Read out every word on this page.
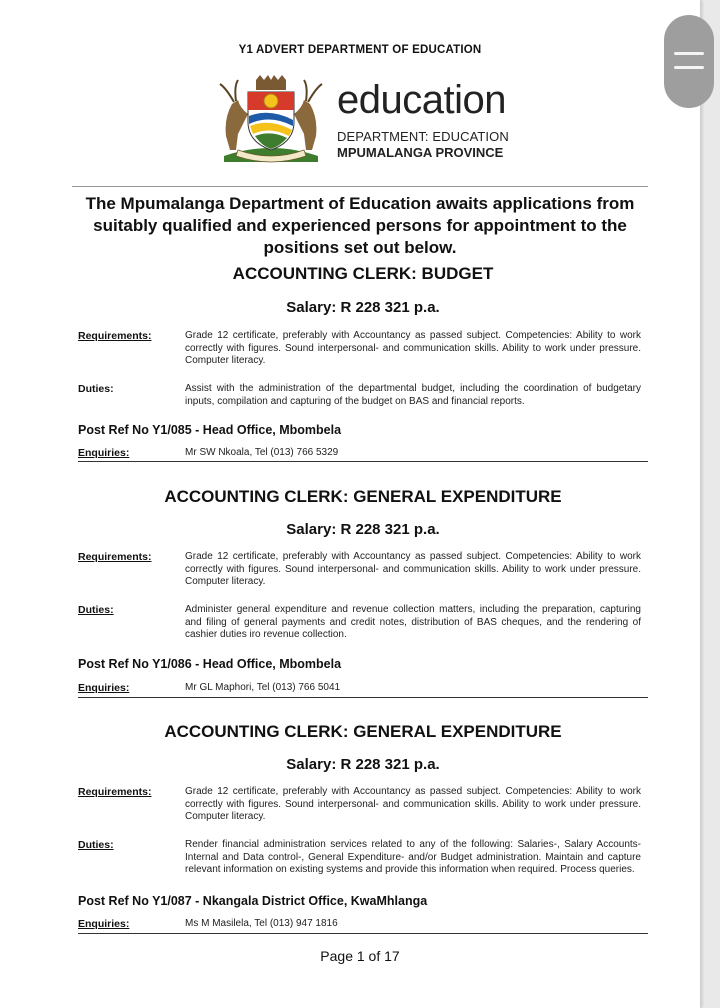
Y1 ADVERT DEPARTMENT OF EDUCATION
education
DEPARTMENT: EDUCATION
MPUMALANGA PROVINCE
The Mpumalanga Department of Education awaits applications from suitably qualified and experienced persons for appointment to the positions set out below.
ACCOUNTING CLERK: BUDGET
Salary: R 228 321 p.a.
Requirements:	Grade 12 certificate, preferably with Accountancy as passed subject. Competencies: Ability to work correctly with figures. Sound interpersonal- and communication skills. Ability to work under pressure. Computer literacy.
Duties:	Assist with the administration of the departmental budget, including the coordination of budgetary inputs, compilation and capturing of the budget on BAS and financial reports.
Post Ref No Y1/085 - Head Office, Mbombela
Enquiries:	Mr SW Nkoala, Tel (013) 766 5329
ACCOUNTING CLERK: GENERAL EXPENDITURE
Salary: R 228 321 p.a.
Requirements:	Grade 12 certificate, preferably with Accountancy as passed subject. Competencies: Ability to work correctly with figures. Sound interpersonal- and communication skills. Ability to work under pressure. Computer literacy.
Duties:	Administer general expenditure and revenue collection matters, including the preparation, capturing and filing of general payments and credit notes, distribution of BAS cheques, and the rendering of cashier duties iro revenue collection.
Post Ref No Y1/086 - Head Office, Mbombela
Enquiries:	Mr GL Maphori, Tel (013) 766 5041
ACCOUNTING CLERK: GENERAL EXPENDITURE
Salary: R 228 321 p.a.
Requirements:	Grade 12 certificate, preferably with Accountancy as passed subject. Competencies: Ability to work correctly with figures. Sound interpersonal- and communication skills. Ability to work under pressure. Computer literacy.
Duties:	Render financial administration services related to any of the following: Salaries-, Salary Accounts- Internal and Data control-, General Expenditure- and/or Budget administration. Maintain and capture relevant information on existing systems and provide this information when required. Process queries.
Post Ref No Y1/087 - Nkangala District Office, KwaMhlanga
Enquiries:	Ms M Masilela, Tel (013) 947 1816
Page 1 of 17
